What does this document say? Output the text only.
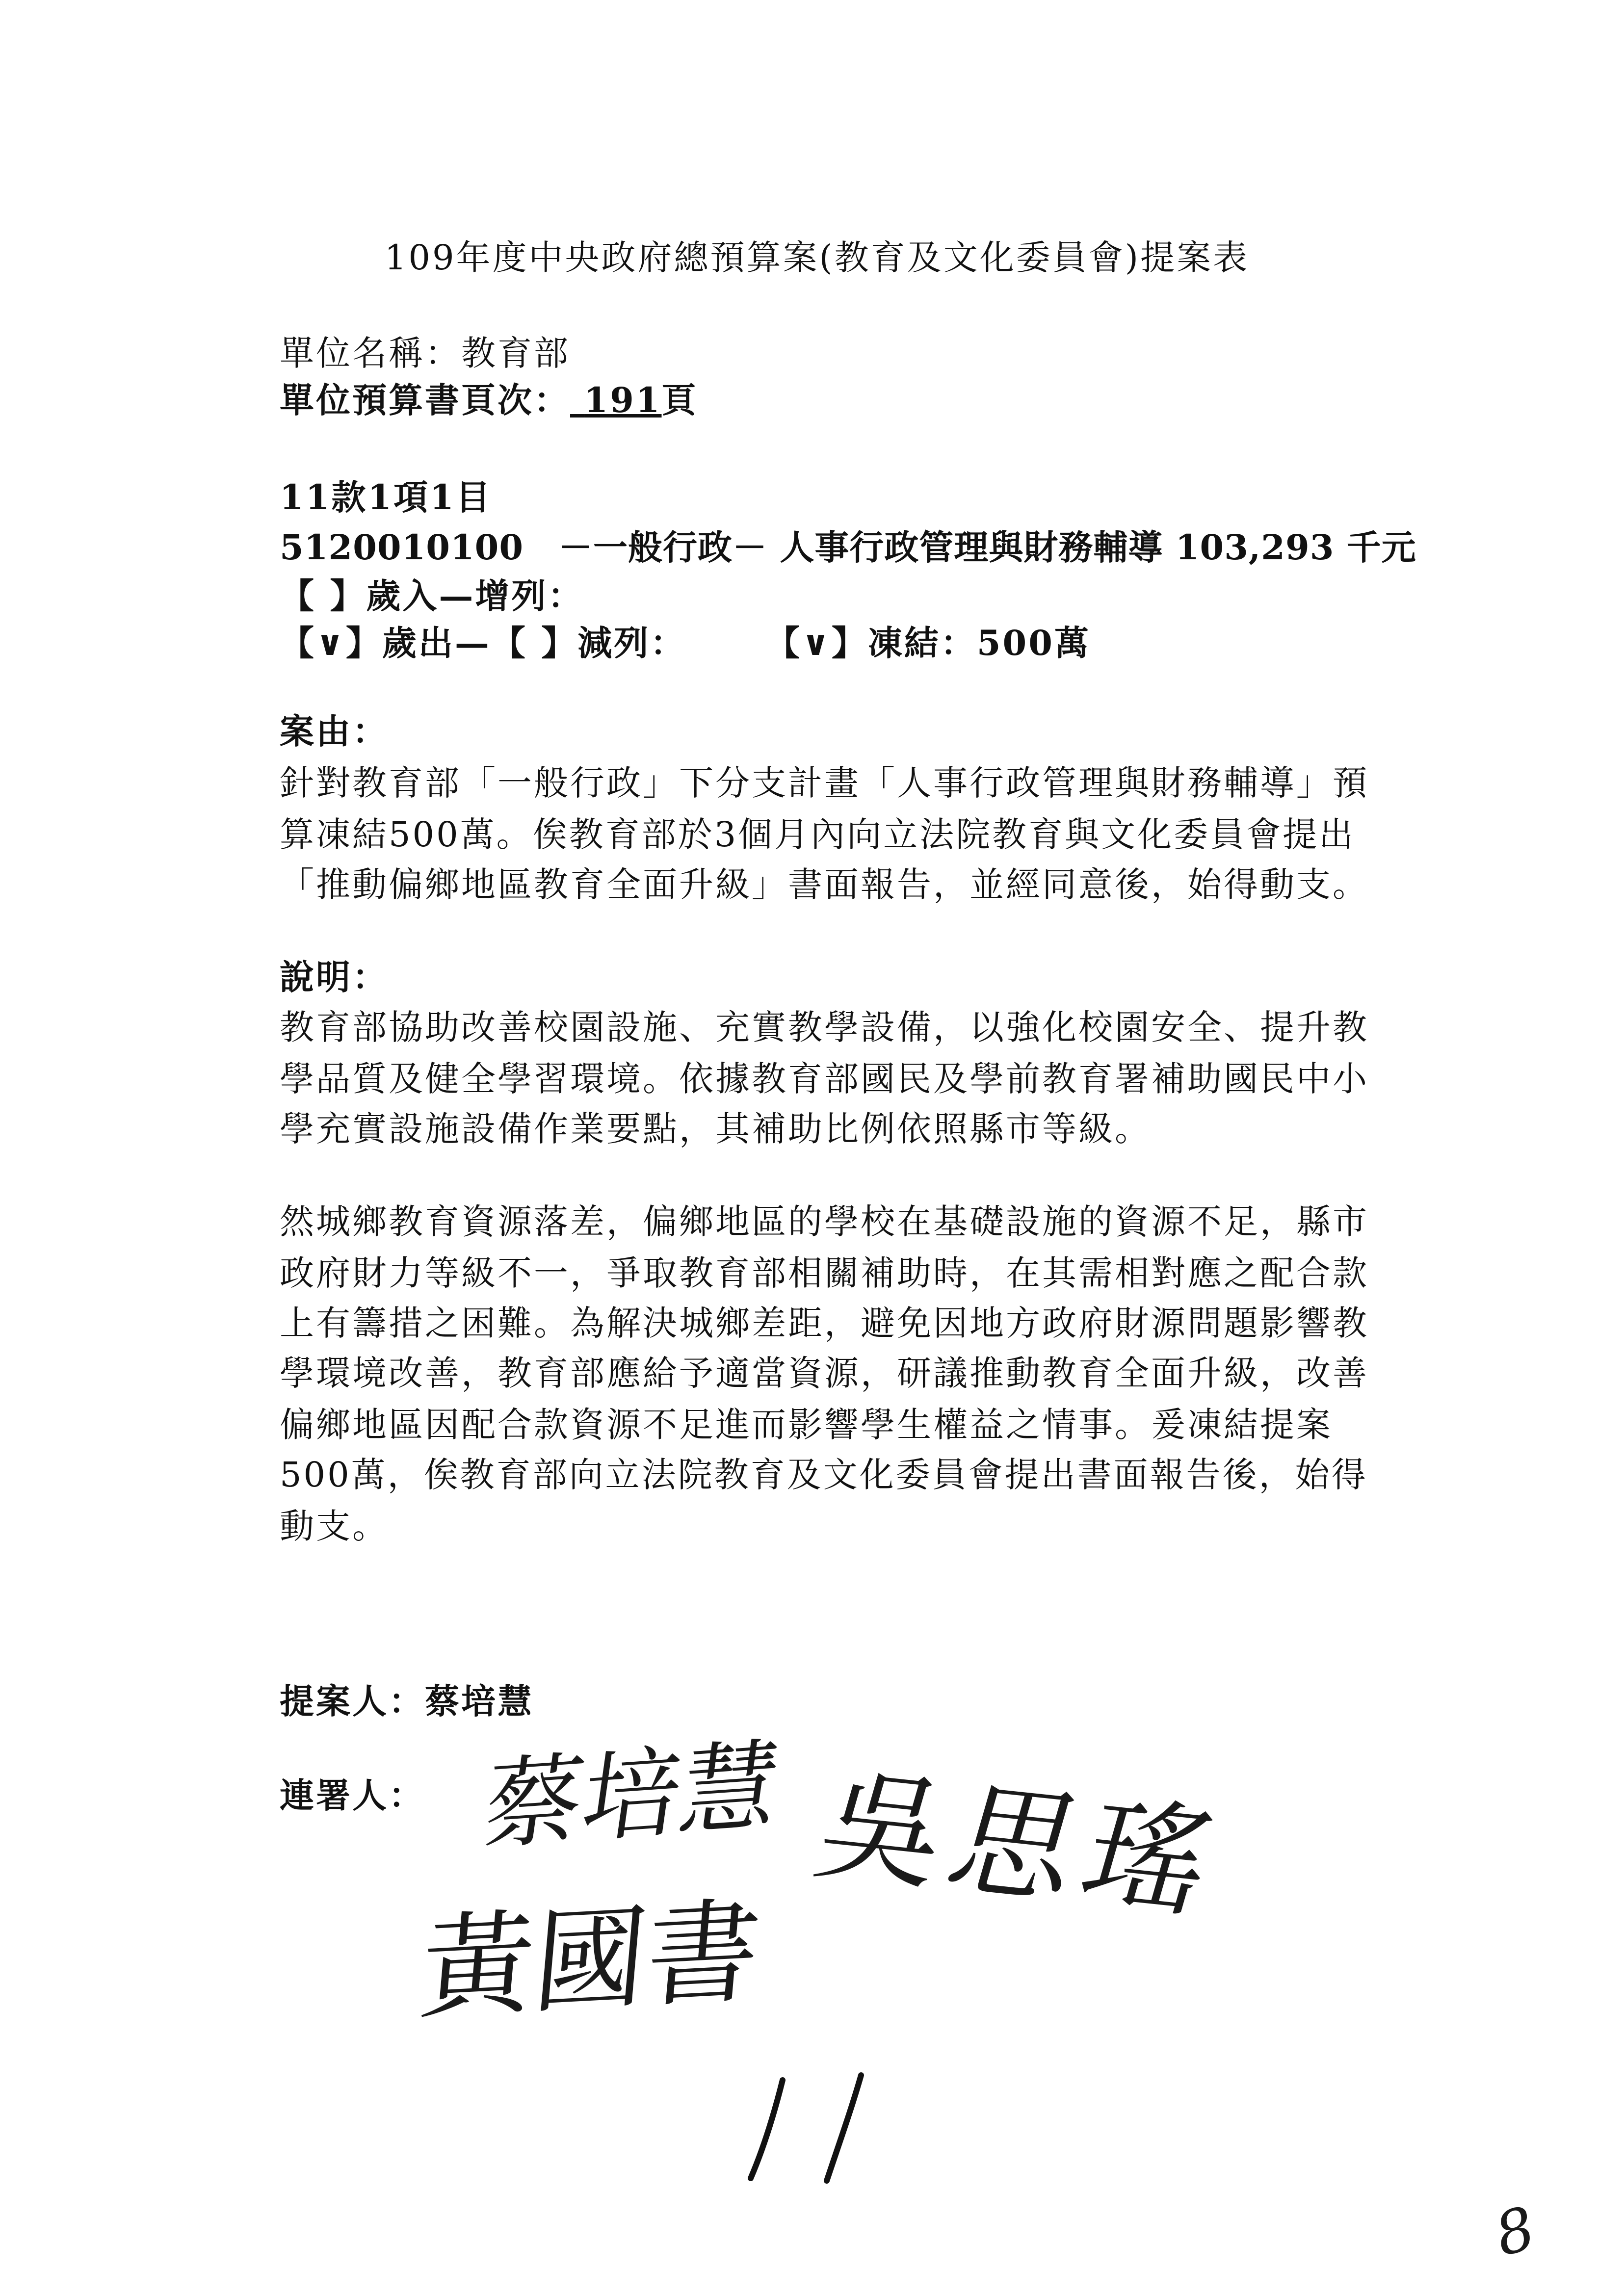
109年度中央政府總預算案(教育及文化委員會)提案表
單位名稱：教育部
單位預算書頁次： 191頁
11款1項1目
5120010100　－一般行政－ 人事行政管理與財務輔導 103,293 千元
【 】歲入—增列：
【∨】歲出—【 】減列： 【∨】凍結：500萬
案由：
針對教育部「一般行政」下分支計畫「人事行政管理與財務輔導」預
算凍結500萬。俟教育部於3個月內向立法院教育與文化委員會提出
「推動偏鄉地區教育全面升級」書面報告，並經同意後，始得動支。
說明：
教育部協助改善校園設施、充實教學設備，以強化校園安全、提升教
學品質及健全學習環境。依據教育部國民及學前教育署補助國民中小
學充實設施設備作業要點，其補助比例依照縣市等級。
然城鄉教育資源落差，偏鄉地區的學校在基礎設施的資源不足，縣市
政府財力等級不一，爭取教育部相關補助時，在其需相對應之配合款
上有籌措之困難。為解決城鄉差距，避免因地方政府財源問題影響教
學環境改善，教育部應給予適當資源，研議推動教育全面升級，改善
偏鄉地區因配合款資源不足進而影響學生權益之情事。爰凍結提案
500萬，俟教育部向立法院教育及文化委員會提出書面報告後，始得
動支。
提案人：蔡培慧
連署人： 蔡培慧 吳思瑤
黃國書
8
